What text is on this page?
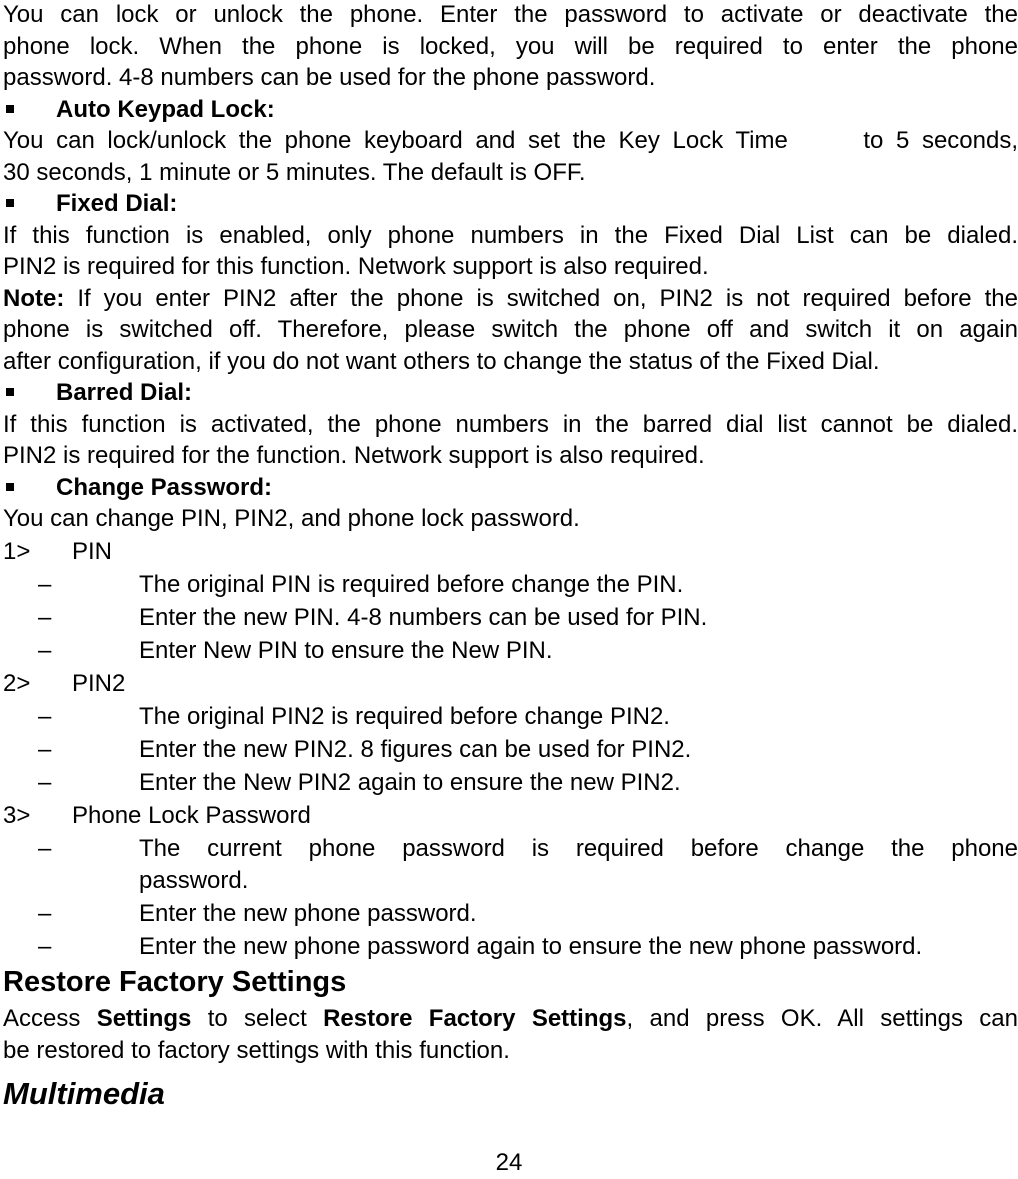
You can lock or unlock the phone. Enter the password to activate or deactivate the

phone lock. When the phone is locked, you will be required to enter the phone

password. 4-8 numbers can be used for the phone password.

Auto Keypad Lock:

You can lock/unlock the phone keyboard and set the Key Lock Time      to 5 seconds,

30 seconds, 1 minute or 5 minutes. The default is OFF.

Fixed Dial:

If this function is enabled, only phone numbers in the Fixed Dial List can be dialed.

PIN2 is required for this function. Network support is also required.

Note: If you enter PIN2 after the phone is switched on, PIN2 is not required before the

phone is switched off. Therefore, please switch the phone off and switch it on again

after configuration, if you do not want others to change the status of the Fixed Dial.

Barred Dial:

If this function is activated, the phone numbers in the barred dial list cannot be dialed.

PIN2 is required for the function. Network support is also required.

Change Password:

You can change PIN, PIN2, and phone lock password.

1>	PIN
–	The original PIN is required before change the PIN.
–	Enter the new PIN. 4-8 numbers can be used for PIN.
–	Enter New PIN to ensure the New PIN.
2>	PIN2
–	The original PIN2 is required before change PIN2.
–	Enter the new PIN2. 8 figures can be used for PIN2.
–	Enter the New PIN2 again to ensure the new PIN2.
3>	Phone Lock Password
–	The current phone password is required before change the phone
password.
–	Enter the new phone password.
–	Enter the new phone password again to ensure the new phone password.
Restore Factory Settings

Access Settings to select Restore Factory Settings, and press OK. All settings can

be restored to factory settings with this function.

Multimedia
24
